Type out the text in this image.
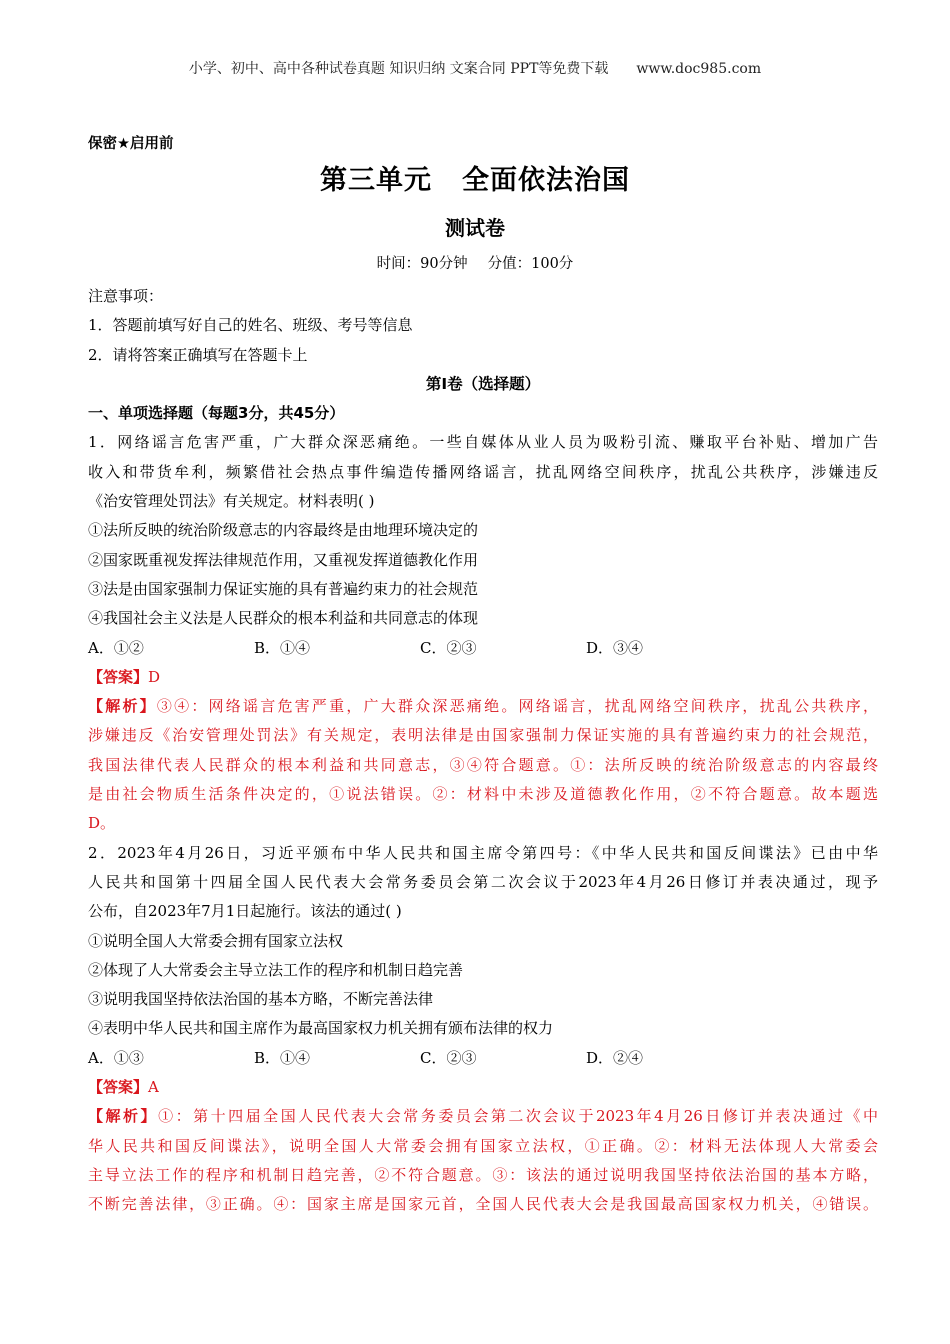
小学、初中、高中各种试卷真题 知识归纳 文案合同 PPT等免费下载 www.doc985.com
保密★启用前
第三单元 全面依法治国
测试卷
时间：90分钟 分值：100分
注意事项：
1．答题前填写好自己的姓名、班级、考号等信息
2．请将答案正确填写在答题卡上
第Ⅰ卷（选择题）
一、单项选择题（每题3分，共45分）
1．网络谣言危害严重，广大群众深恶痛绝。一些自媒体从业人员为吸粉引流、赚取平台补贴、增加广告
收入和带货牟利，频繁借社会热点事件编造传播网络谣言，扰乱网络空间秩序，扰乱公共秩序，涉嫌违反
《治安管理处罚法》有关规定。材料表明( )
①法所反映的统治阶级意志的内容最终是由地理环境决定的
②国家既重视发挥法律规范作用，又重视发挥道德教化作用
③法是由国家强制力保证实施的具有普遍约束力的社会规范
④我国社会主义法是人民群众的根本利益和共同意志的体现
A．①②	B．①④	C．②③	D．③④
【答案】D
【解析】③④：网络谣言危害严重，广大群众深恶痛绝。网络谣言，扰乱网络空间秩序，扰乱公共秩序，
涉嫌违反《治安管理处罚法》有关规定，表明法律是由国家强制力保证实施的具有普遍约束力的社会规范，
我国法律代表人民群众的根本利益和共同意志，③④符合题意。①：法所反映的统治阶级意志的内容最终
是由社会物质生活条件决定的，①说法错误。②：材料中未涉及道德教化作用，②不符合题意。故本题选
D。
2．2023年4月26日，习近平颁布中华人民共和国主席令第四号：《中华人民共和国反间谍法》已由中华
人民共和国第十四届全国人民代表大会常务委员会第二次会议于2023年4月26日修订并表决通过，现予
公布，自2023年7月1日起施行。该法的通过( )
①说明全国人大常委会拥有国家立法权
②体现了人大常委会主导立法工作的程序和机制日趋完善
③说明我国坚持依法治国的基本方略，不断完善法律
④表明中华人民共和国主席作为最高国家权力机关拥有颁布法律的权力
A．①③	B．①④	C．②③	D．②④
【答案】A
【解析】①：第十四届全国人民代表大会常务委员会第二次会议于2023年4月26日修订并表决通过《中
华人民共和国反间谍法》，说明全国人大常委会拥有国家立法权，①正确。②：材料无法体现人大常委会
主导立法工作的程序和机制日趋完善，②不符合题意。③：该法的通过说明我国坚持依法治国的基本方略，
不断完善法律，③正确。④：国家主席是国家元首，全国人民代表大会是我国最高国家权力机关，④错误。
